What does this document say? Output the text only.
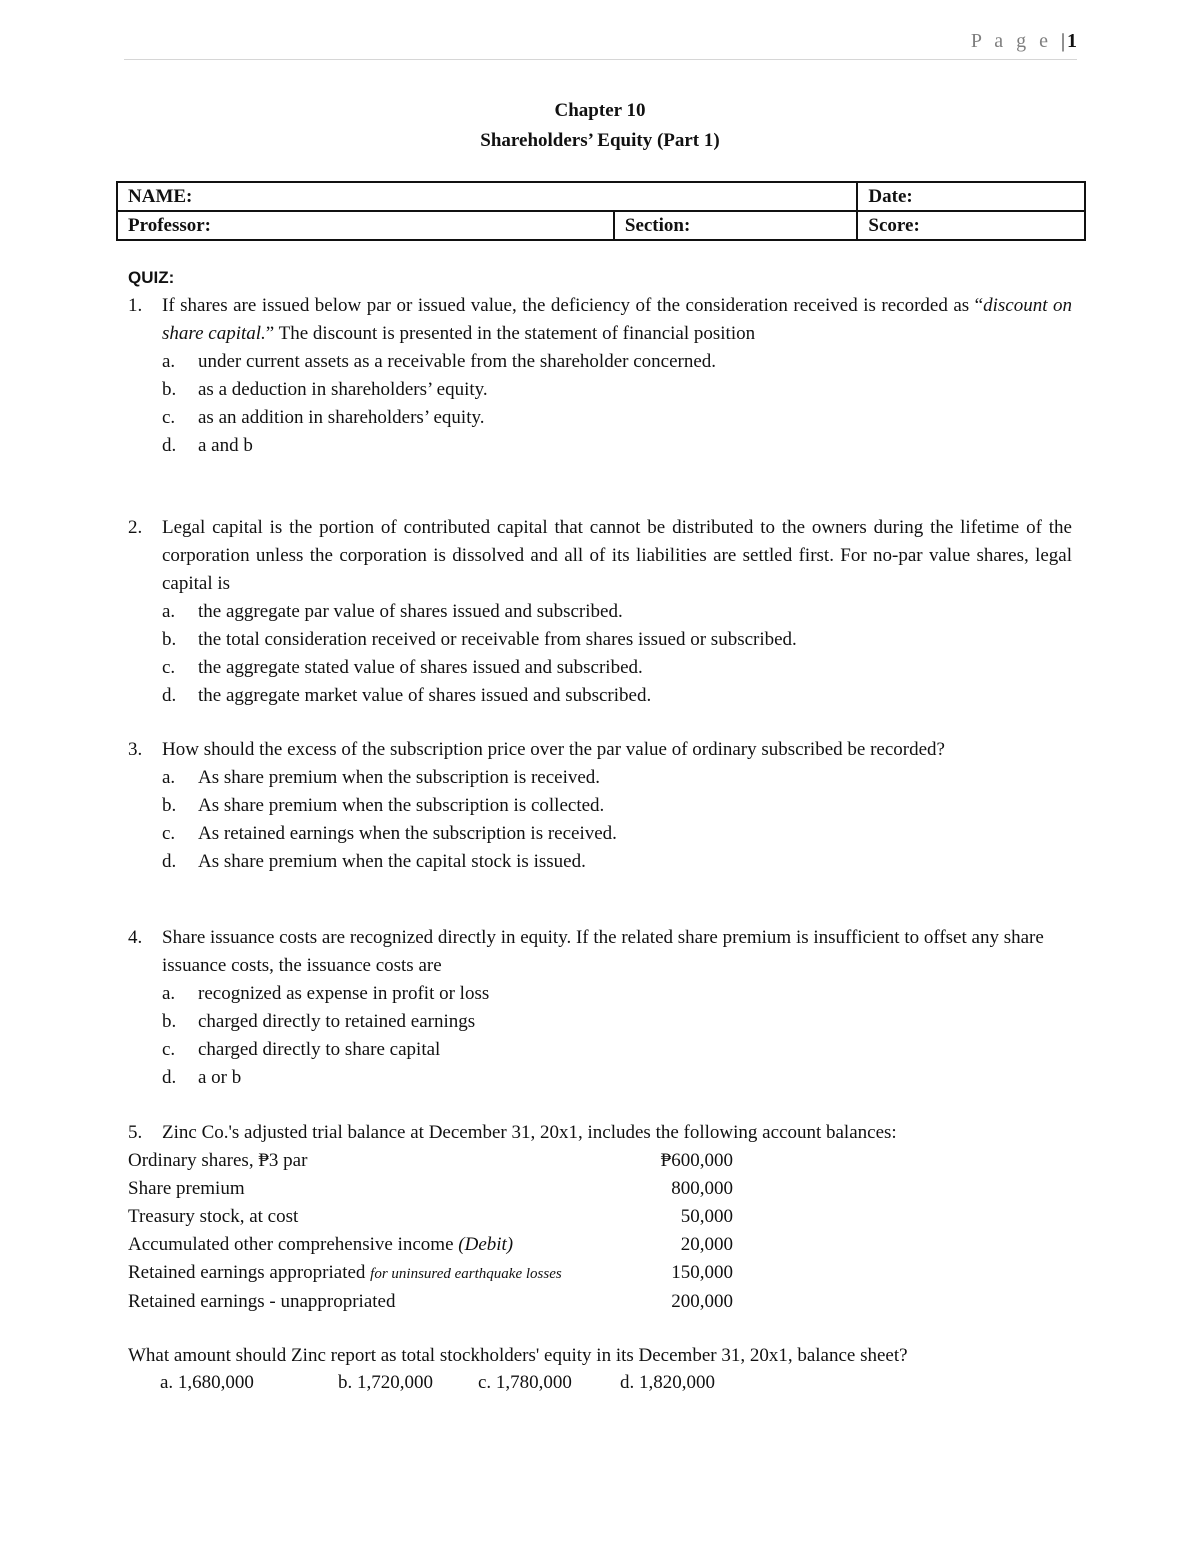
P a g e |1
Chapter 10
Shareholders’ Equity (Part 1)
NAME:		Date:
Professor:	Section:	Score:
QUIZ:
1.	If shares are issued below par or issued value, the deficiency of the consideration received is recorded as “discount on share capital.” The discount is presented in the statement of financial position
a.	under current assets as a receivable from the shareholder concerned.
b.	as a deduction in shareholders’ equity.
c.	as an addition in shareholders’ equity.
d.	a and b
2.	Legal capital is the portion of contributed capital that cannot be distributed to the owners during the lifetime of the corporation unless the corporation is dissolved and all of its liabilities are settled first. For no-par value shares, legal capital is
a.	the aggregate par value of shares issued and subscribed.
b.	the total consideration received or receivable from shares issued or subscribed.
c.	the aggregate stated value of shares issued and subscribed.
d.	the aggregate market value of shares issued and subscribed.
3.	How should the excess of the subscription price over the par value of ordinary subscribed be recorded?
a.	As share premium when the subscription is received.
b.	As share premium when the subscription is collected.
c.	As retained earnings when the subscription is received.
d.	As share premium when the capital stock is issued.
4.	Share issuance costs are recognized directly in equity. If the related share premium is insufficient to offset any share issuance costs, the issuance costs are
a.	recognized as expense in profit or loss
b.	charged directly to retained earnings
c.	charged directly to share capital
d.	a or b
5.	Zinc Co.'s adjusted trial balance at December 31, 20x1, includes the following account balances:
Ordinary shares, ₱3 par	₱600,000
Share premium	800,000
Treasury stock, at cost	50,000
Accumulated other comprehensive income (Debit)	20,000
Retained earnings appropriated for uninsured earthquake losses	150,000
Retained earnings - unappropriated	200,000
What amount should Zinc report as total stockholders' equity in its December 31, 20x1, balance sheet?
a. 1,680,000	b. 1,720,000 c. 1,780,000	d. 1,820,000
